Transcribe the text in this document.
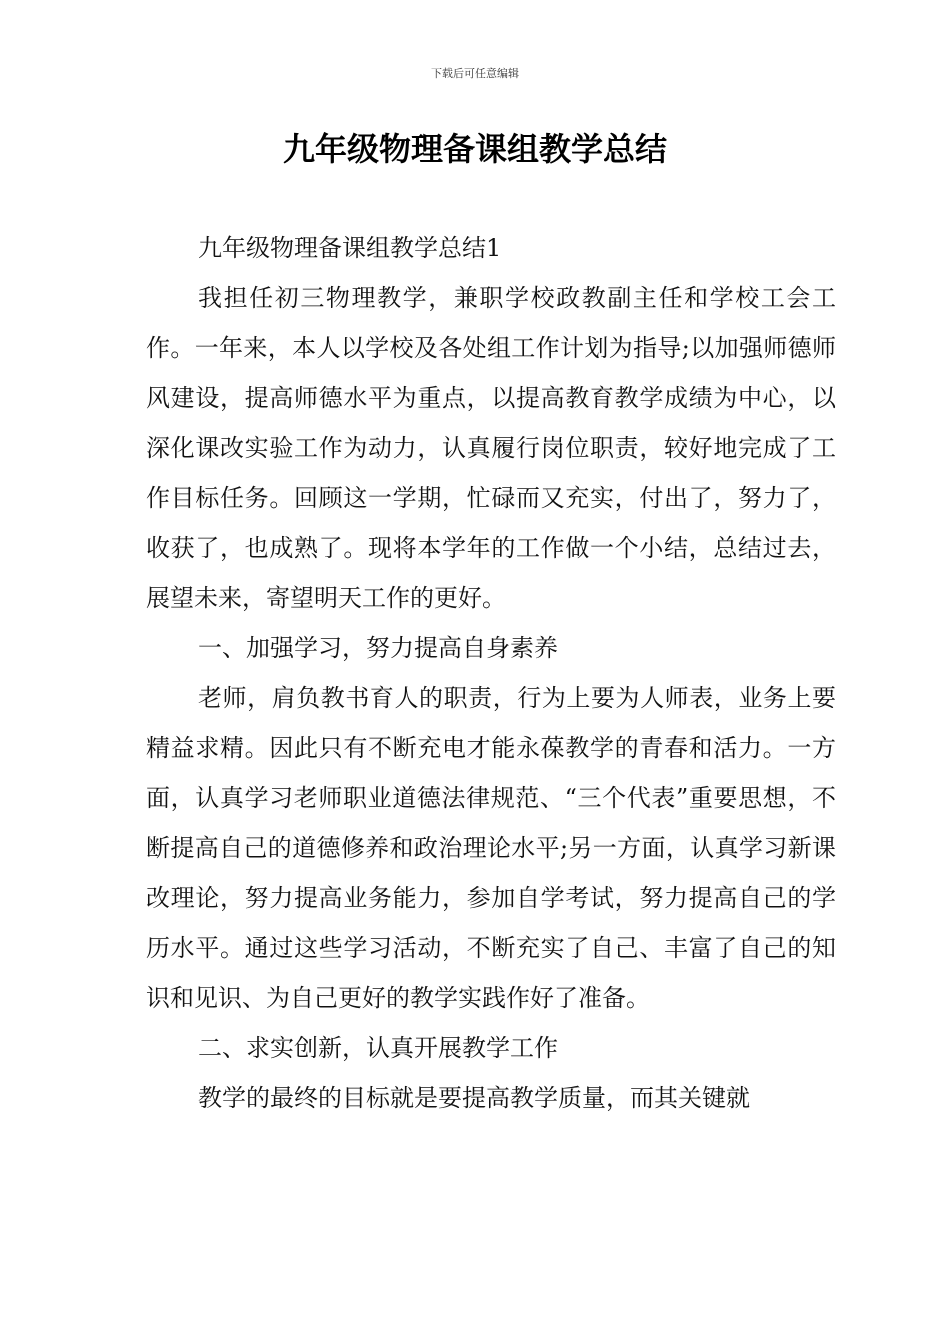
下载后可任意编辑
九年级物理备课组教学总结

九年级物理备课组教学总结1

我担任初三物理教学，兼职学校政教副主任和学校工会工作。一年来，本人以学校及各处组工作计划为指导;以加强师德师风建设，提高师德水平为重点，以提高教育教学成绩为中心，以深化课改实验工作为动力，认真履行岗位职责，较好地完成了工作目标任务。回顾这一学期，忙碌而又充实，付出了，努力了，收获了，也成熟了。现将本学年的工作做一个小结，总结过去，展望未来，寄望明天工作的更好。

一、加强学习，努力提高自身素养

老师，肩负教书育人的职责，行为上要为人师表，业务上要精益求精。因此只有不断充电才能永葆教学的青春和活力。一方面，认真学习老师职业道德法律规范、“三个代表”重要思想，不断提高自己的道德修养和政治理论水平;另一方面，认真学习新课改理论，努力提高业务能力，参加自学考试，努力提高自己的学历水平。通过这些学习活动，不断充实了自己、丰富了自己的知识和见识、为自己更好的教学实践作好了准备。

二、求实创新，认真开展教学工作

教学的最终的目标就是要提高教学质量，而其关键就
